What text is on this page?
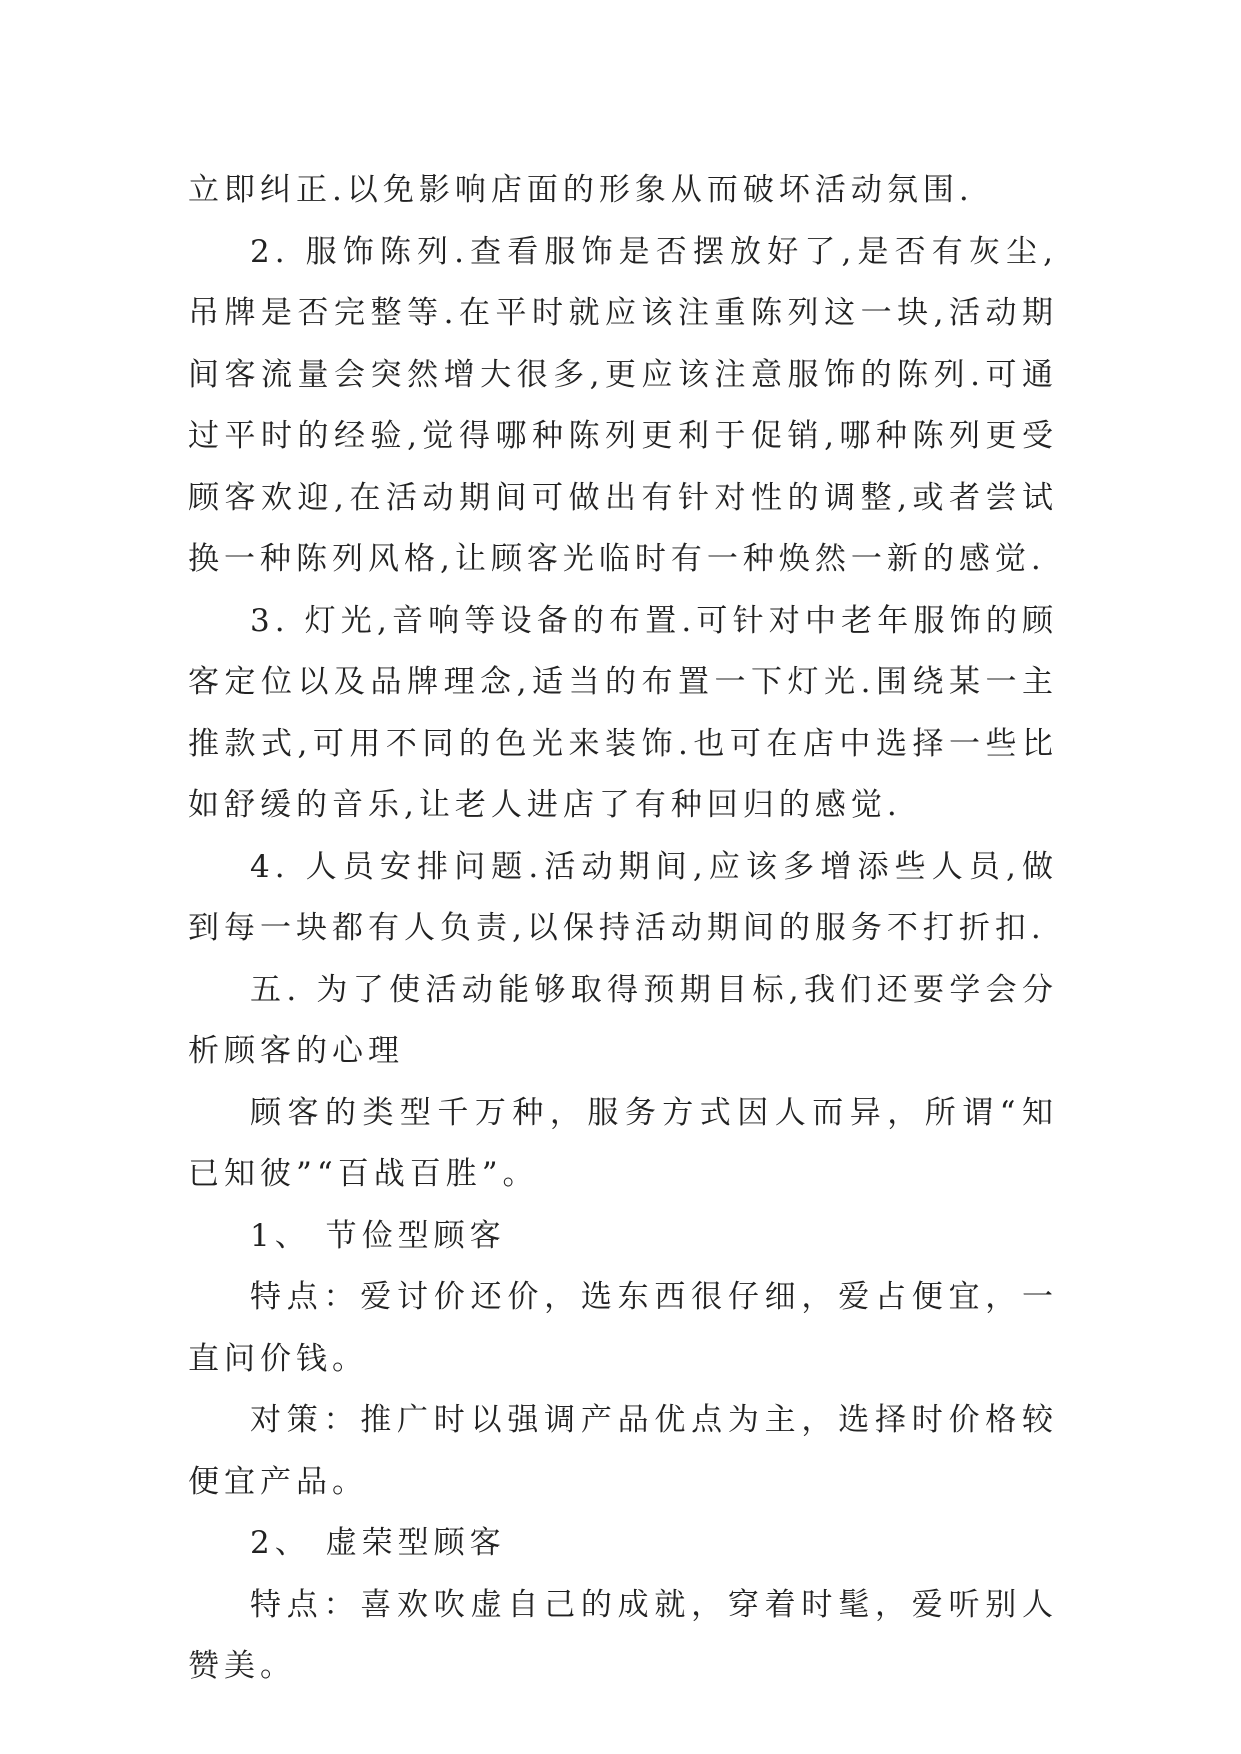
立即纠正.以免影响店面的形象从而破坏活动氛围.

2. 服饰陈列.查看服饰是否摆放好了,是否有灰尘,吊牌是否完整等.在平时就应该注重陈列这一块,活动期间客流量会突然增大很多,更应该注意服饰的陈列.可通过平时的经验,觉得哪种陈列更利于促销,哪种陈列更受顾客欢迎,在活动期间可做出有针对性的调整,或者尝试换一种陈列风格,让顾客光临时有一种焕然一新的感觉.

3. 灯光,音响等设备的布置.可针对中老年服饰的顾客定位以及品牌理念,适当的布置一下灯光.围绕某一主推款式,可用不同的色光来装饰.也可在店中选择一些比如舒缓的音乐,让老人进店了有种回归的感觉.

4. 人员安排问题.活动期间,应该多增添些人员,做到每一块都有人负责,以保持活动期间的服务不打折扣.

五. 为了使活动能够取得预期目标,我们还要学会分析顾客的心理

顾客的类型千万种，服务方式因人而异，所谓“知已知彼”“百战百胜”。

1、 节俭型顾客

特点：爱讨价还价，选东西很仔细，爱占便宜，一直问价钱。

对策：推广时以强调产品优点为主，选择时价格较便宜产品。

2、 虚荣型顾客

特点：喜欢吹虚自己的成就，穿着时髦，爱听别人赞美。
